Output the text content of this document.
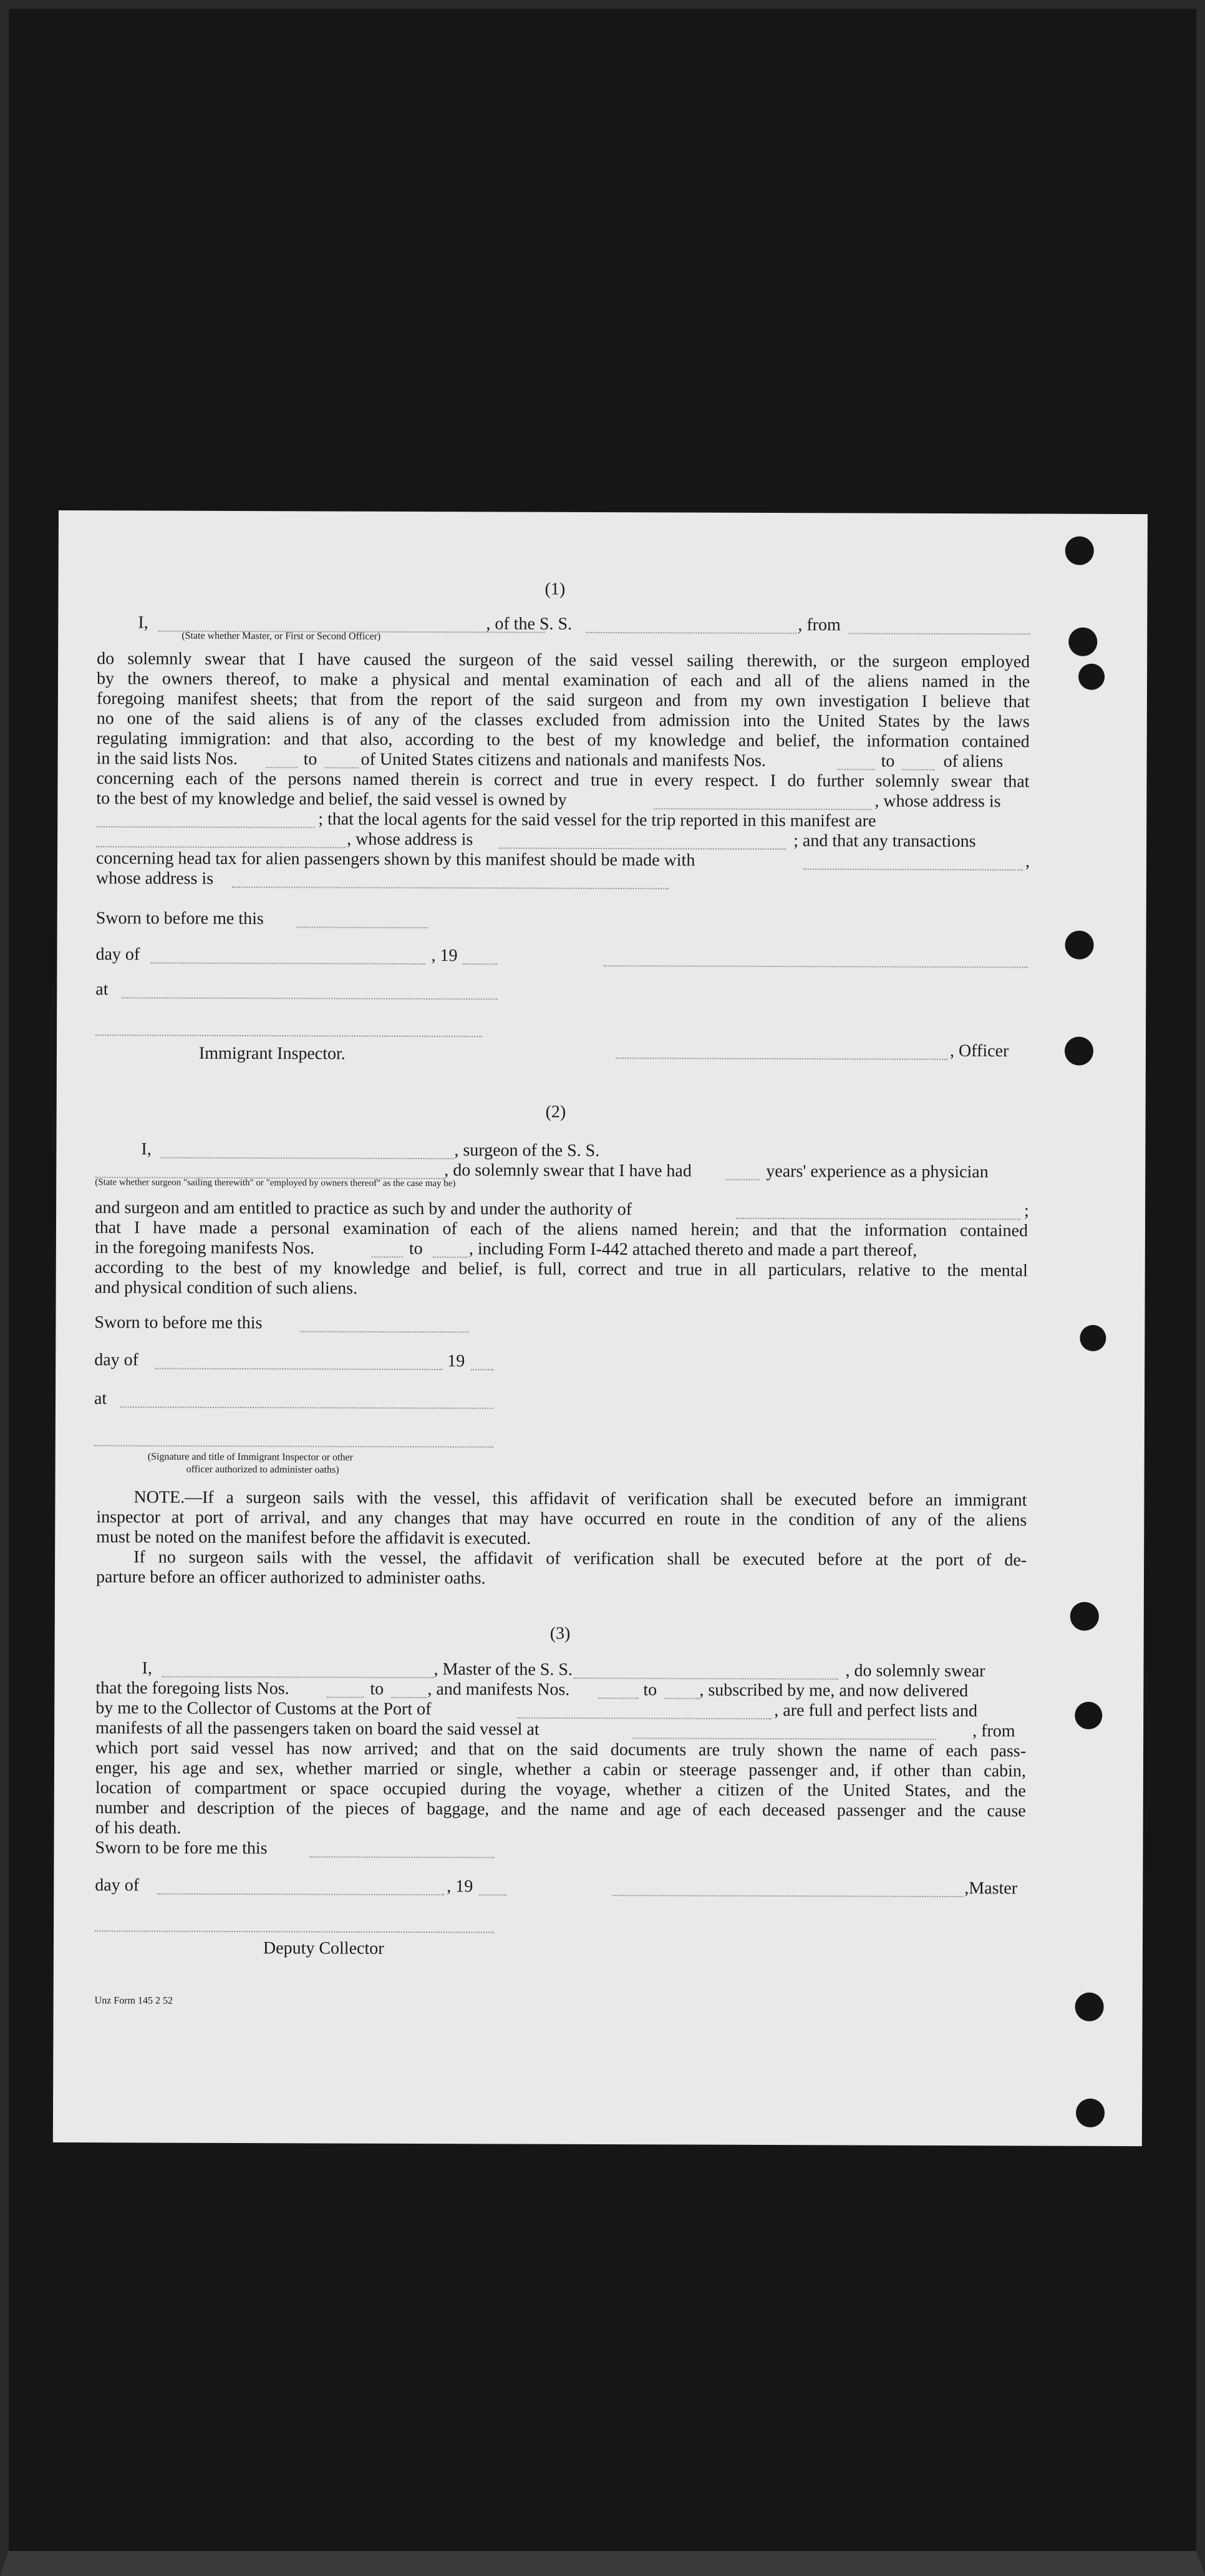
(1)
I,	, of the S. S.	, from
(State whether Master, or First or Second Officer)
do solemnly swear that I have caused the surgeon of the said vessel sailing therewith, or the surgeon employed
by the owners thereof, to make a physical and mental examination of each and all of the aliens named in the
foregoing manifest sheets; that from the report of the said surgeon and from my own investigation I believe that
no one of the said aliens is of any of the classes excluded from admission into the United States by the laws
regulating immigration: and that also, according to the best of my knowledge and belief, the information contained
in the said lists Nos.	to	of United States citizens and nationals and manifests Nos.	to	of aliens
concerning each of the persons named therein is correct and true in every respect. I do further solemnly swear that
to the best of my knowledge and belief, the said vessel is owned by	, whose address is
; that the local agents for the said vessel for the trip reported in this manifest are
, whose address is	; and that any transactions
concerning head tax for alien passengers shown by this manifest should be made with	,
whose address is
Sworn to before me this
day of	, 19
at
Immigrant Inspector.	, Officer
(2)
I,	, surgeon of the S. S.
, do solemnly swear that I have had	years' experience as a physician
(State whether surgeon "sailing therewith" or "employed by owners thereof" as the case may be)
and surgeon and am entitled to practice as such by and under the authority of	;
that I have made a personal examination of each of the aliens named herein; and that the information contained
in the foregoing manifests Nos.	to	, including Form I-442 attached thereto and made a part thereof,
according to the best of my knowledge and belief, is full, correct and true in all particulars, relative to the mental
and physical condition of such aliens.
Sworn to before me this
day of	19
at
(Signature and title of Immigrant Inspector or other
officer authorized to administer oaths)
NOTE.—If a surgeon sails with the vessel, this affidavit of verification shall be executed before an immigrant
inspector at port of arrival, and any changes that may have occurred en route in the condition of any of the aliens
must be noted on the manifest before the affidavit is executed.
If no surgeon sails with the vessel, the affidavit of verification shall be executed before at the port of de-
parture before an officer authorized to administer oaths.
(3)
I,	, Master of the S. S.	, do solemnly swear
that the foregoing lists Nos.	to	, and manifests Nos.	to , subscribed by me, and now delivered
by me to the Collector of Customs at the Port of	, are full and perfect lists and
manifests of all the passengers taken on board the said vessel at	, from
which port said vessel has now arrived; and that on the said documents are truly shown the name of each pass-
enger, his age and sex, whether married or single, whether a cabin or steerage passenger and, if other than cabin,
location of compartment or space occupied during the voyage, whether a citizen of the United States, and the
number and description of the pieces of baggage, and the name and age of each deceased passenger and the cause
of his death.
Sworn to be fore me this
day of	, 19	,Master
Deputy Collector
Unz Form 145 2 52
